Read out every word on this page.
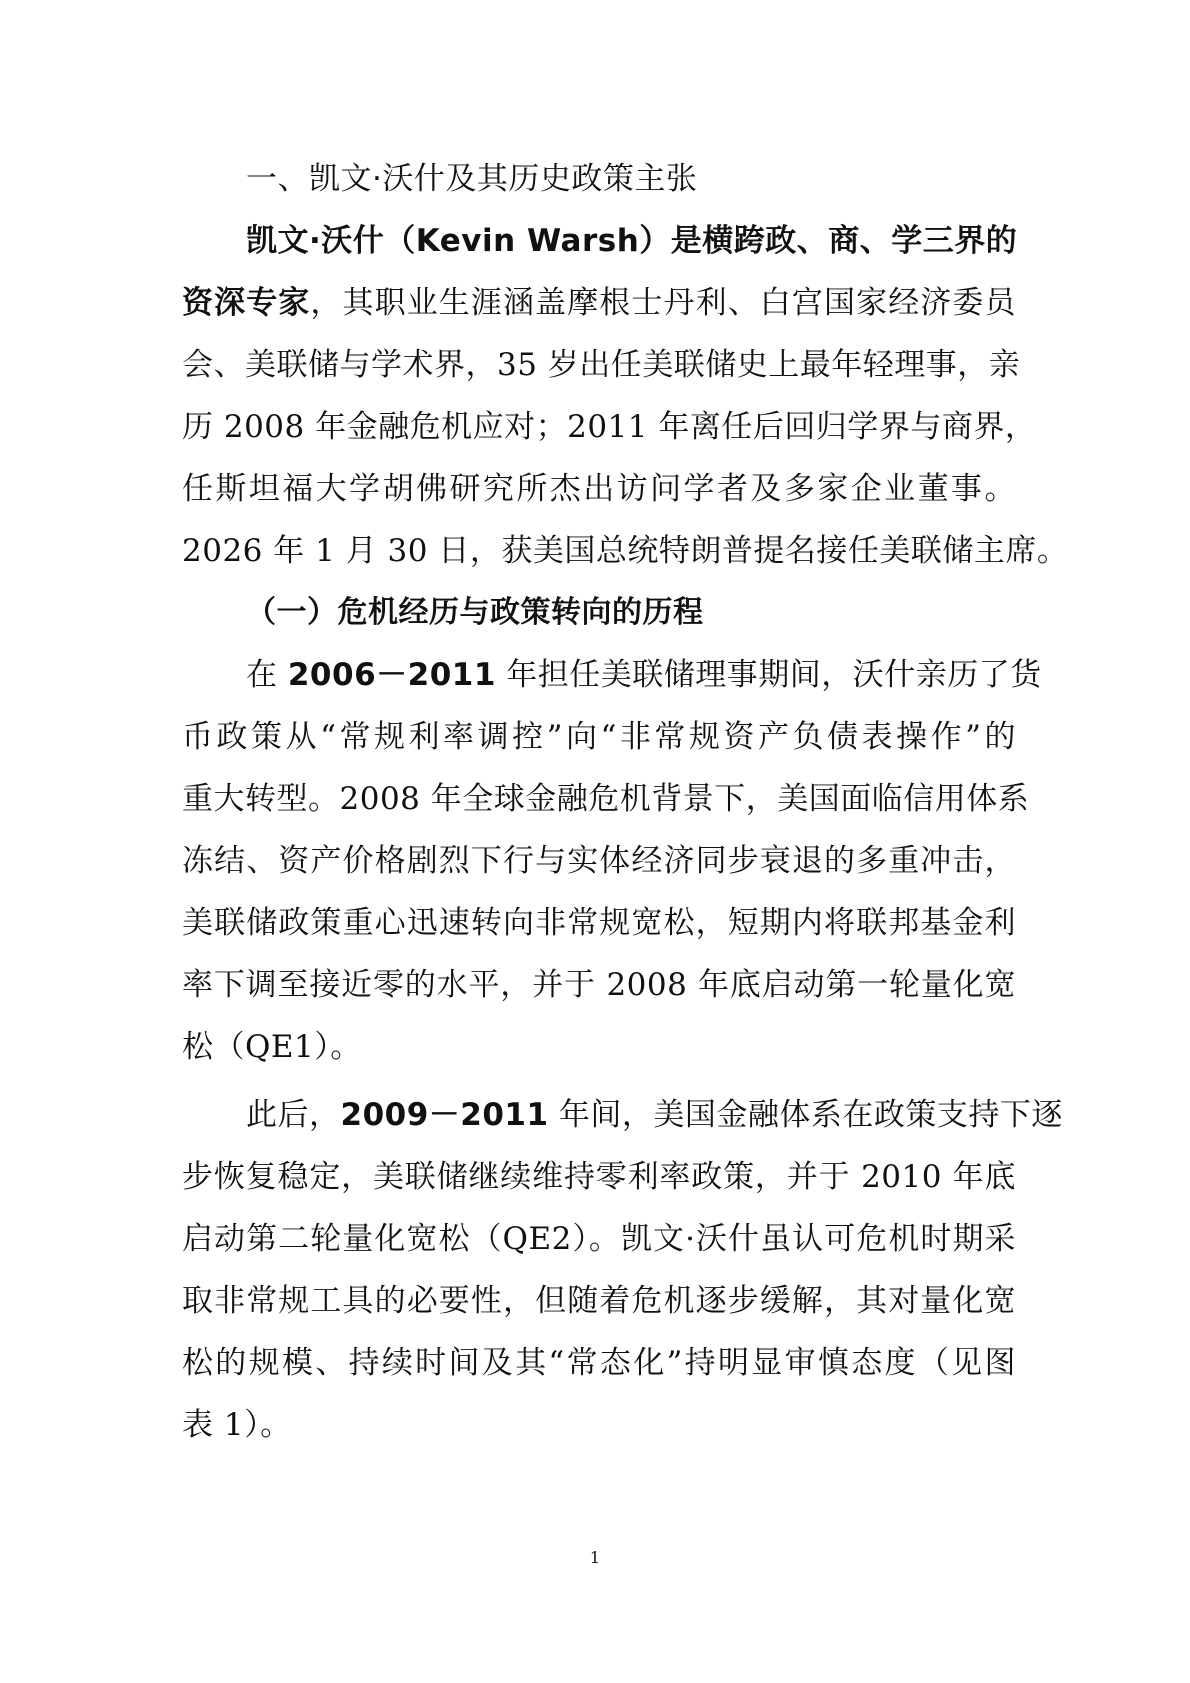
一、凯文·沃什及其历史政策主张
凯文·沃什（Kevin Warsh）是横跨政、商、学三界的
资深专家，其职业生涯涵盖摩根士丹利、白宫国家经济委员
会、美联储与学术界，35 岁出任美联储史上最年轻理事，亲
历 2008 年金融危机应对；2011 年离任后回归学界与商界，
任斯坦福大学胡佛研究所杰出访问学者及多家企业董事。
2026 年 1 月 30 日，获美国总统特朗普提名接任美联储主席。
（一）危机经历与政策转向的历程
在 2006－2011 年担任美联储理事期间，沃什亲历了货
币政策从“常规利率调控”向“非常规资产负债表操作”的
重大转型。2008 年全球金融危机背景下，美国面临信用体系
冻结、资产价格剧烈下行与实体经济同步衰退的多重冲击，
美联储政策重心迅速转向非常规宽松，短期内将联邦基金利
率下调至接近零的水平，并于 2008 年底启动第一轮量化宽
松（QE1）。
此后，2009－2011 年间，美国金融体系在政策支持下逐
步恢复稳定，美联储继续维持零利率政策，并于 2010 年底
启动第二轮量化宽松（QE2）。凯文·沃什虽认可危机时期采
取非常规工具的必要性，但随着危机逐步缓解，其对量化宽
松的规模、持续时间及其“常态化”持明显审慎态度（见图
表 1）。
1
